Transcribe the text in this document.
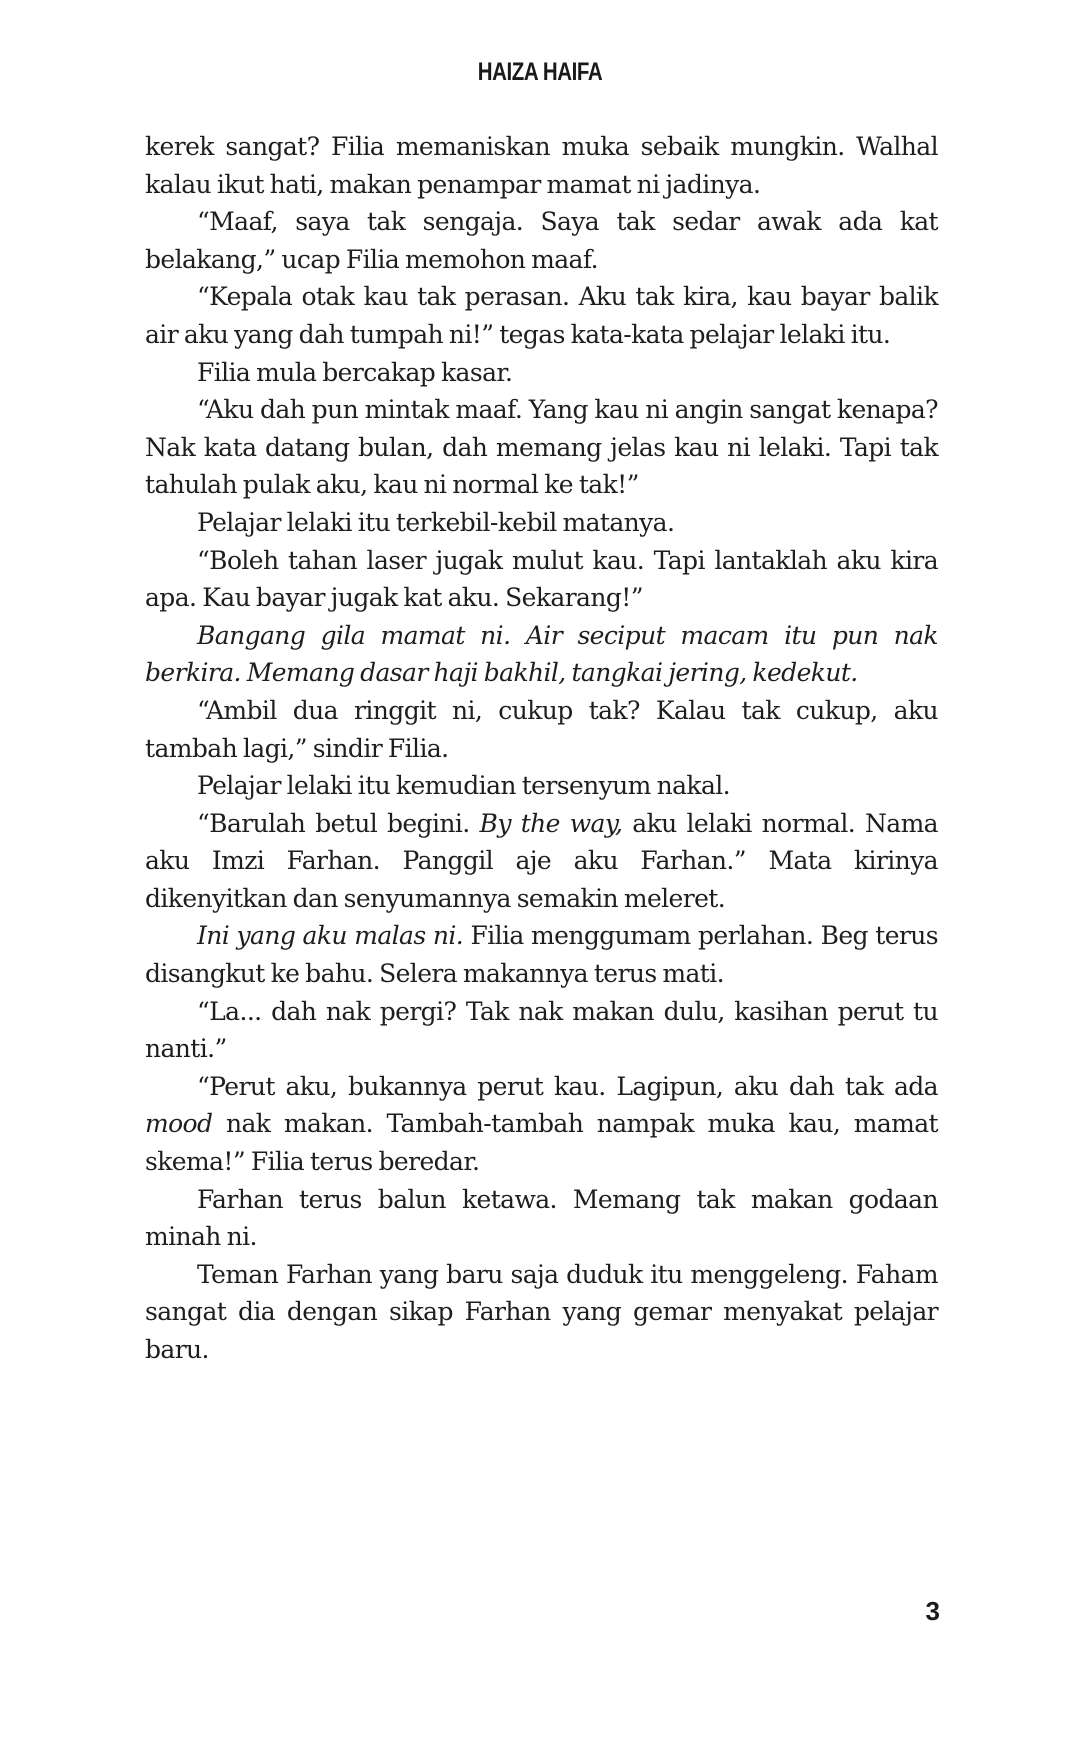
HAIZA HAIFA

kerek sangat? Filia memaniskan muka sebaik mungkin. Walhal kalau ikut hati, makan penampar mamat ni jadinya.

“Maaf, saya tak sengaja. Saya tak sedar awak ada kat belakang,” ucap Filia memohon maaf.

“Kepala otak kau tak perasan. Aku tak kira, kau bayar balik air aku yang dah tumpah ni!” tegas kata-kata pelajar lelaki itu.

Filia mula bercakap kasar.

“Aku dah pun mintak maaf. Yang kau ni angin sangat kenapa? Nak kata datang bulan, dah memang jelas kau ni lelaki. Tapi tak tahulah pulak aku, kau ni normal ke tak!”

Pelajar lelaki itu terkebil-kebil matanya.

“Boleh tahan laser jugak mulut kau. Tapi lantaklah aku kira apa. Kau bayar jugak kat aku. Sekarang!”

Bangang gila mamat ni. Air seciput macam itu pun nak berkira. Memang dasar haji bakhil, tangkai jering, kedekut.

“Ambil dua ringgit ni, cukup tak? Kalau tak cukup, aku tambah lagi,” sindir Filia.

Pelajar lelaki itu kemudian tersenyum nakal.

“Barulah betul begini. By the way, aku lelaki normal. Nama aku Imzi Farhan. Panggil aje aku Farhan.” Mata kirinya dikenyitkan dan senyumannya semakin meleret.

Ini yang aku malas ni. Filia menggumam perlahan. Beg terus disangkut ke bahu. Selera makannya terus mati.

“La... dah nak pergi? Tak nak makan dulu, kasihan perut tu nanti.”

“Perut aku, bukannya perut kau. Lagipun, aku dah tak ada mood nak makan. Tambah-tambah nampak muka kau, mamat skema!” Filia terus beredar.

Farhan terus balun ketawa. Memang tak makan godaan minah ni.

Teman Farhan yang baru saja duduk itu menggeleng. Faham sangat dia dengan sikap Farhan yang gemar menyakat pelajar baru.

3
